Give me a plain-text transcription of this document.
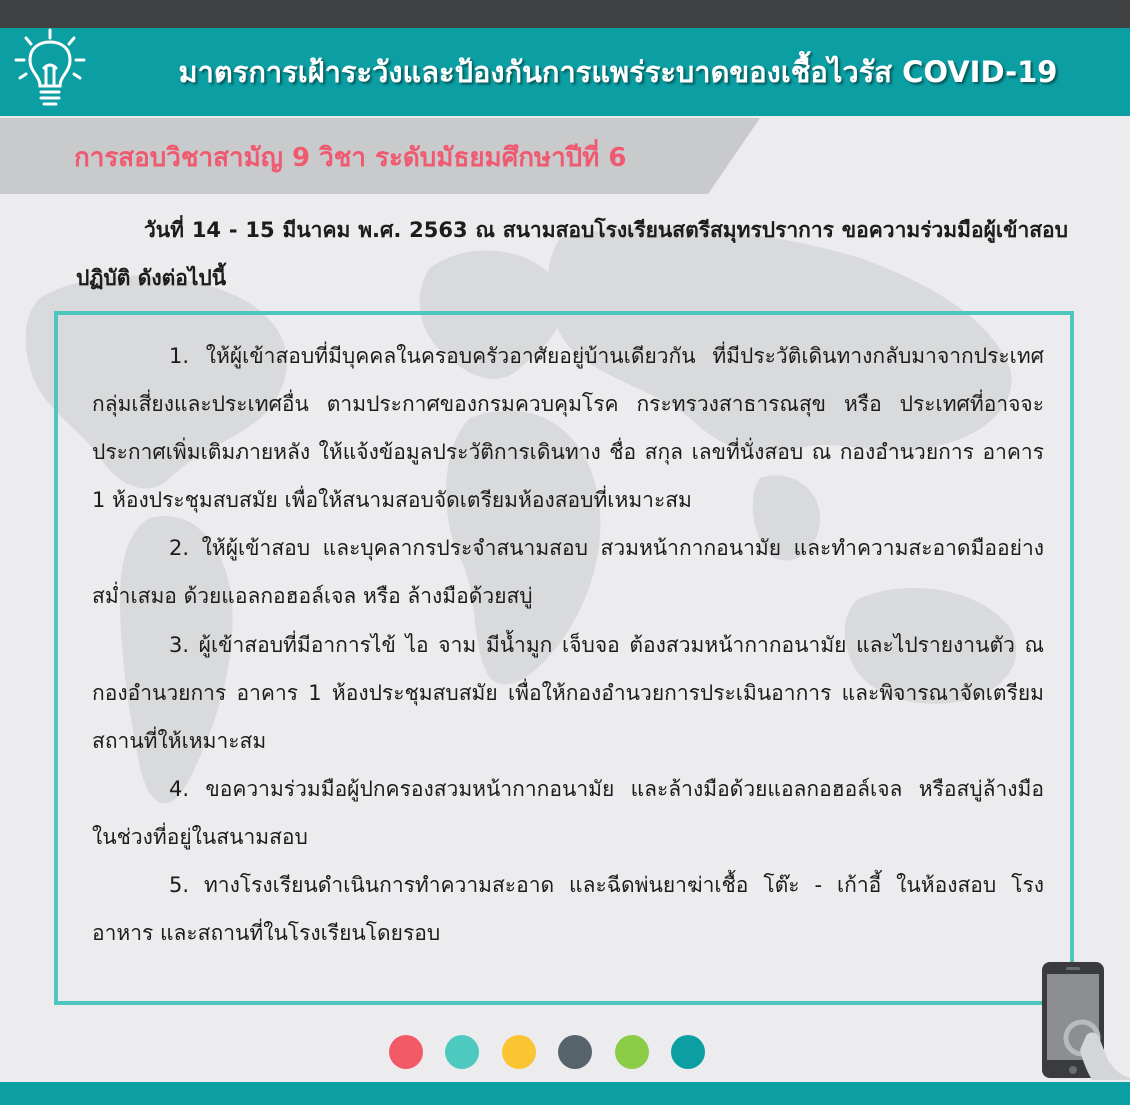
มาตรการเฝ้าระวังและป้องกันการแพร่ระบาดของเชื้อไวรัส COVID-19
การสอบวิชาสามัญ 9 วิชา ระดับมัธยมศึกษาปีที่ 6
วันที่ 14 - 15 มีนาคม พ.ศ. 2563 ณ สนามสอบโรงเรียนสตรีสมุทรปราการ ขอความร่วมมือผู้เข้าสอบปฏิบัติ ดังต่อไปนี้

1. ให้ผู้เข้าสอบที่มีบุคคลในครอบครัวอาศัยอยู่บ้านเดียวกัน ที่มีประวัติเดินทางกลับมาจากประเทศกลุ่มเสี่ยงและประเทศอื่น ตามประกาศของกรมควบคุมโรค กระทรวงสาธารณสุข หรือ ประเทศที่อาจจะประกาศเพิ่มเติมภายหลัง ให้แจ้งข้อมูลประวัติการเดินทาง ชื่อ สกุล เลขที่นั่งสอบ ณ กองอำนวยการ อาคาร 1 ห้องประชุมสบสมัย เพื่อให้สนามสอบจัดเตรียมห้องสอบที่เหมาะสม

2. ให้ผู้เข้าสอบ และบุคลากรประจำสนามสอบ สวมหน้ากากอนามัย และทำความสะอาดมืออย่างสม่ำเสมอ ด้วยแอลกอฮอล์เจล หรือ ล้างมือด้วยสบู่

3. ผู้เข้าสอบที่มีอาการไข้ ไอ จาม มีน้ำมูก เจ็บจอ ต้องสวมหน้ากากอนามัย และไปรายงานตัว ณ กองอำนวยการ อาคาร 1 ห้องประชุมสบสมัย เพื่อให้กองอำนวยการประเมินอาการ และพิจารณาจัดเตรียมสถานที่ให้เหมาะสม

4. ขอความร่วมมือผู้ปกครองสวมหน้ากากอนามัย และล้างมือด้วยแอลกอฮอล์เจล หรือสบู่ล้างมือ ในช่วงที่อยู่ในสนามสอบ

5. ทางโรงเรียนดำเนินการทำความสะอาด และฉีดพ่นยาฆ่าเชื้อ โต๊ะ - เก้าอี้ ในห้องสอบ โรงอาหาร และสถานที่ในโรงเรียนโดยรอบ
